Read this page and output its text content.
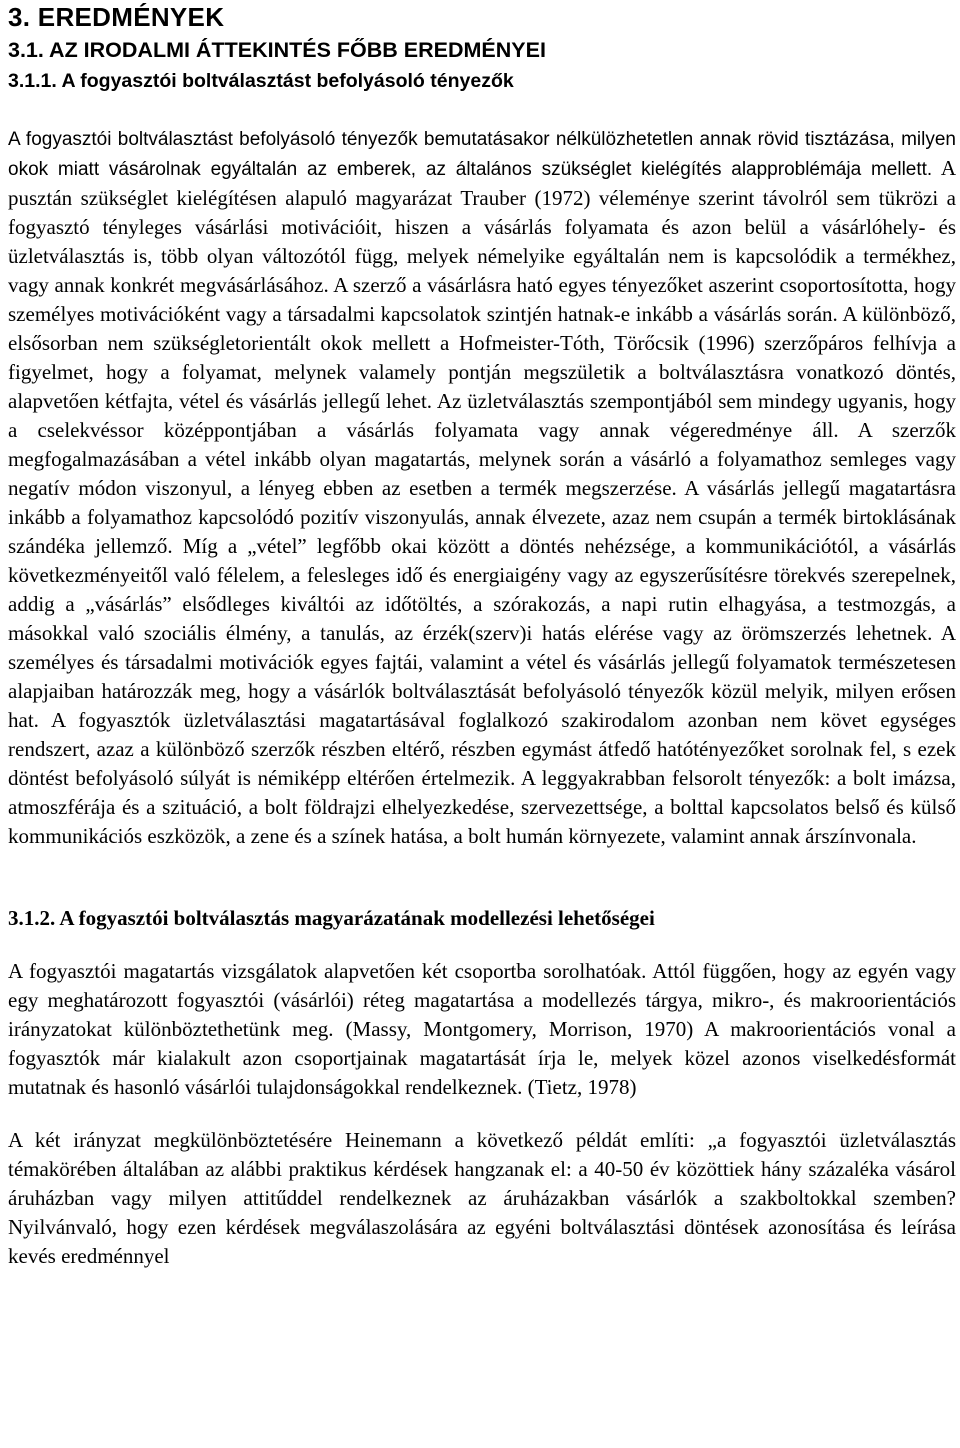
3. EREDMÉNYEK
3.1. AZ IRODALMI ÁTTEKINTÉS FŐBB EREDMÉNYEI
3.1.1. A fogyasztói boltválasztást befolyásoló tényezők

A fogyasztói boltválasztást befolyásoló tényezők bemutatásakor nélkülözhetetlen annak rövid tisztázása, milyen okok miatt vásárolnak egyáltalán az emberek, az általános szükséglet kielégítés alapproblémája mellett. A pusztán szükséglet kielégítésen alapuló magyarázat Trauber (1972) véleménye szerint távolról sem tükrözi a fogyasztó tényleges vásárlási motivációit, hiszen a vásárlás folyamata és azon belül a vásárlóhely- és üzletválasztás is, több olyan változótól függ, melyek némelyike egyáltalán nem is kapcsolódik a termékhez, vagy annak konkrét megvásárlásához. A szerző a vásárlásra ható egyes tényezőket aszerint csoportosította, hogy személyes motivációként vagy a társadalmi kapcsolatok szintjén hatnak-e inkább a vásárlás során. A különböző, elsősorban nem szükségletorientált okok mellett a Hofmeister-Tóth, Törőcsik (1996) szerzőpáros felhívja a figyelmet, hogy a folyamat, melynek valamely pontján megszületik a boltválasztásra vonatkozó döntés, alapvetően kétfajta, vétel és vásárlás jellegű lehet. Az üzletválasztás szempontjából sem mindegy ugyanis, hogy a cselekvéssor középpontjában a vásárlás folyamata vagy annak végeredménye áll. A szerzők megfogalmazásában a vétel inkább olyan magatartás, melynek során a vásárló a folyamathoz semleges vagy negatív módon viszonyul, a lényeg ebben az esetben a termék megszerzése. A vásárlás jellegű magatartásra inkább a folyamathoz kapcsolódó pozitív viszonyulás, annak élvezete, azaz nem csupán a termék birtoklásának szándéka jellemző. Míg a „vétel” legfőbb okai között a döntés nehézsége, a kommunikációtól, a vásárlás következményeitől való félelem, a felesleges idő és energiaigény vagy az egyszerűsítésre törekvés szerepelnek, addig a „vásárlás” elsődleges kiváltói az időtöltés, a szórakozás, a napi rutin elhagyása, a testmozgás, a másokkal való szociális élmény, a tanulás, az érzék(szerv)i hatás elérése vagy az örömszerzés lehetnek. A személyes és társadalmi motivációk egyes fajtái, valamint a vétel és vásárlás jellegű folyamatok természetesen alapjaiban határozzák meg, hogy a vásárlók boltválasztását befolyásoló tényezők közül melyik, milyen erősen hat. A fogyasztók üzletválasztási magatartásával foglalkozó szakirodalom azonban nem követ egységes rendszert, azaz a különböző szerzők részben eltérő, részben egymást átfedő hatótényezőket sorolnak fel, s ezek döntést befolyásoló súlyát is némiképp eltérően értelmezik. A leggyakrabban felsorolt tényezők: a bolt imázsa, atmoszférája és a szituáció, a bolt földrajzi elhelyezkedése, szervezettsége, a bolttal kapcsolatos belső és külső kommunikációs eszközök, a zene és a színek hatása, a bolt humán környezete, valamint annak árszínvonala.

3.1.2. A fogyasztói boltválasztás magyarázatának modellezési lehetőségei

A fogyasztói magatartás vizsgálatok alapvetően két csoportba sorolhatóak. Attól függően, hogy az egyén vagy egy meghatározott fogyasztói (vásárlói) réteg magatartása a modellezés tárgya, mikro-, és makroorientációs irányzatokat különböztethetünk meg. (Massy, Montgomery, Morrison, 1970) A makroorientációs vonal a fogyasztók már kialakult azon csoportjainak magatartását írja le, melyek közel azonos viselkedésformát mutatnak és hasonló vásárlói tulajdonságokkal rendelkeznek. (Tietz, 1978)

A két irányzat megkülönböztetésére Heinemann a következő példát említi: „a fogyasztói üzletválasztás témakörében általában az alábbi praktikus kérdések hangzanak el: a 40-50 év közöttiek hány százaléka vásárol áruházban vagy milyen attitűddel rendelkeznek az áruházakban vásárlók a szakboltokkal szemben? Nyilvánvaló, hogy ezen kérdések megválaszolására az egyéni boltválasztási döntések azonosítása és leírása kevés eredménnyel
